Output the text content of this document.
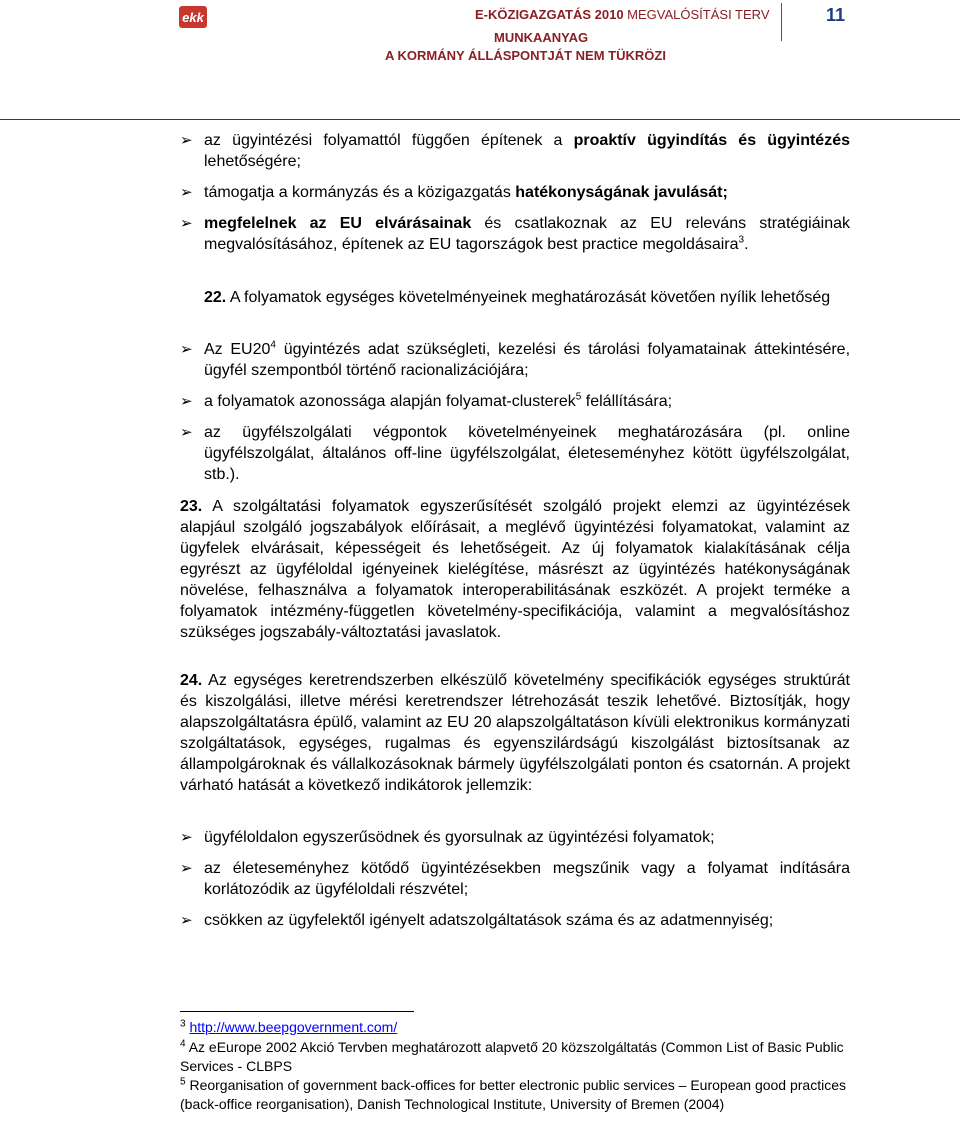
ekk	E-KÖZIGAZGATÁS 2010 MEGVALÓSÍTÁSI TERV	11
MUNKAANYAG
A KORMÁNY ÁLLÁSPONTJÁT NEM TÜKRÖZI
➢ az ügyintézési folyamattól függően építenek a proaktív ügyindítás és ügyintézés lehetőségére;
➢ támogatja a kormányzás és a közigazgatás hatékonyságának javulását;
➢ megfelelnek az EU elvárásainak és csatlakoznak az EU releváns stratégiáinak megvalósításához, építenek az EU tagországok best practice megoldásaira$^3$.
22. A folyamatok egységes követelményeinek meghatározását követően nyílik lehetőség
➢ Az $EU20^4$ ügyintézés adat szükségleti, kezelési és tárolási folyamatainak áttekintésére, ügyfél szempontból történő racionalizációjára;
➢ a folyamatok azonossága alapján folyamat-clusterek$^5$ felállítására;
➢ az ügyfélszolgálati végpontok követelményeinek meghatározására (pl. online ügyfélszolgálat, általános off-line ügyfélszolgálat, életeseményhez kötött ügyfélszolgálat, stb.).
23. A szolgáltatási folyamatok egyszerűsítését szolgáló projekt elemzi az ügyintézések alapjául szolgáló jogszabályok előírásait, a meglévő ügyintézési folyamatokat, valamint az ügyfelek elvárásait, képességeit és lehetőségeit. Az új folyamatok kialakításának célja egyrészt az ügyféloldal igényeinek kielégítése, másrészt az ügyintézés hatékonyságának növelése, felhasználva a folyamatok interoperabilitásának eszközét. A projekt terméke a folyamatok intézmény-független követelmény-specifikációja, valamint a megvalósításhoz szükséges jogszabály-változtatási javaslatok.
24. Az egységes keretrendszerben elkészülő követelmény specifikációk egységes struktúrát és kiszolgálási, illetve mérési keretrendszer létrehozását teszik lehetővé. Biztosítják, hogy alapszolgáltatásra épülő, valamint az EU 20 alapszolgáltatáson kívüli elektronikus kormányzati szolgáltatások, egységes, rugalmas és egyenszilárdságú kiszolgálást biztosítsanak az állampolgároknak és vállalkozásoknak bármely ügyfélszolgálati ponton és csatornán. A projekt várható hatását a következő indikátorok jellemzik:
➢ ügyféloldalon egyszerűsödnek és gyorsulnak az ügyintézési folyamatok;
➢ az életeseményhez kötődő ügyintézésekben megszűnik vagy a folyamat indítására korlátozódik az ügyféloldali részvétel;
➢ csökken az ügyfelektől igényelt adatszolgáltatások száma és az adatmennyiség;
$^3$ http://www.beepgovernment.com/
$^4$ Az eEurope 2002 Akció Tervben meghatározott alapvető 20 közszolgáltatás (Common List of Basic Public Services - CLBPS
$^5$ Reorganisation of government back-offices for better electronic public services – European good practices (back-office reorganisation), Danish Technological Institute, University of Bremen (2004)
